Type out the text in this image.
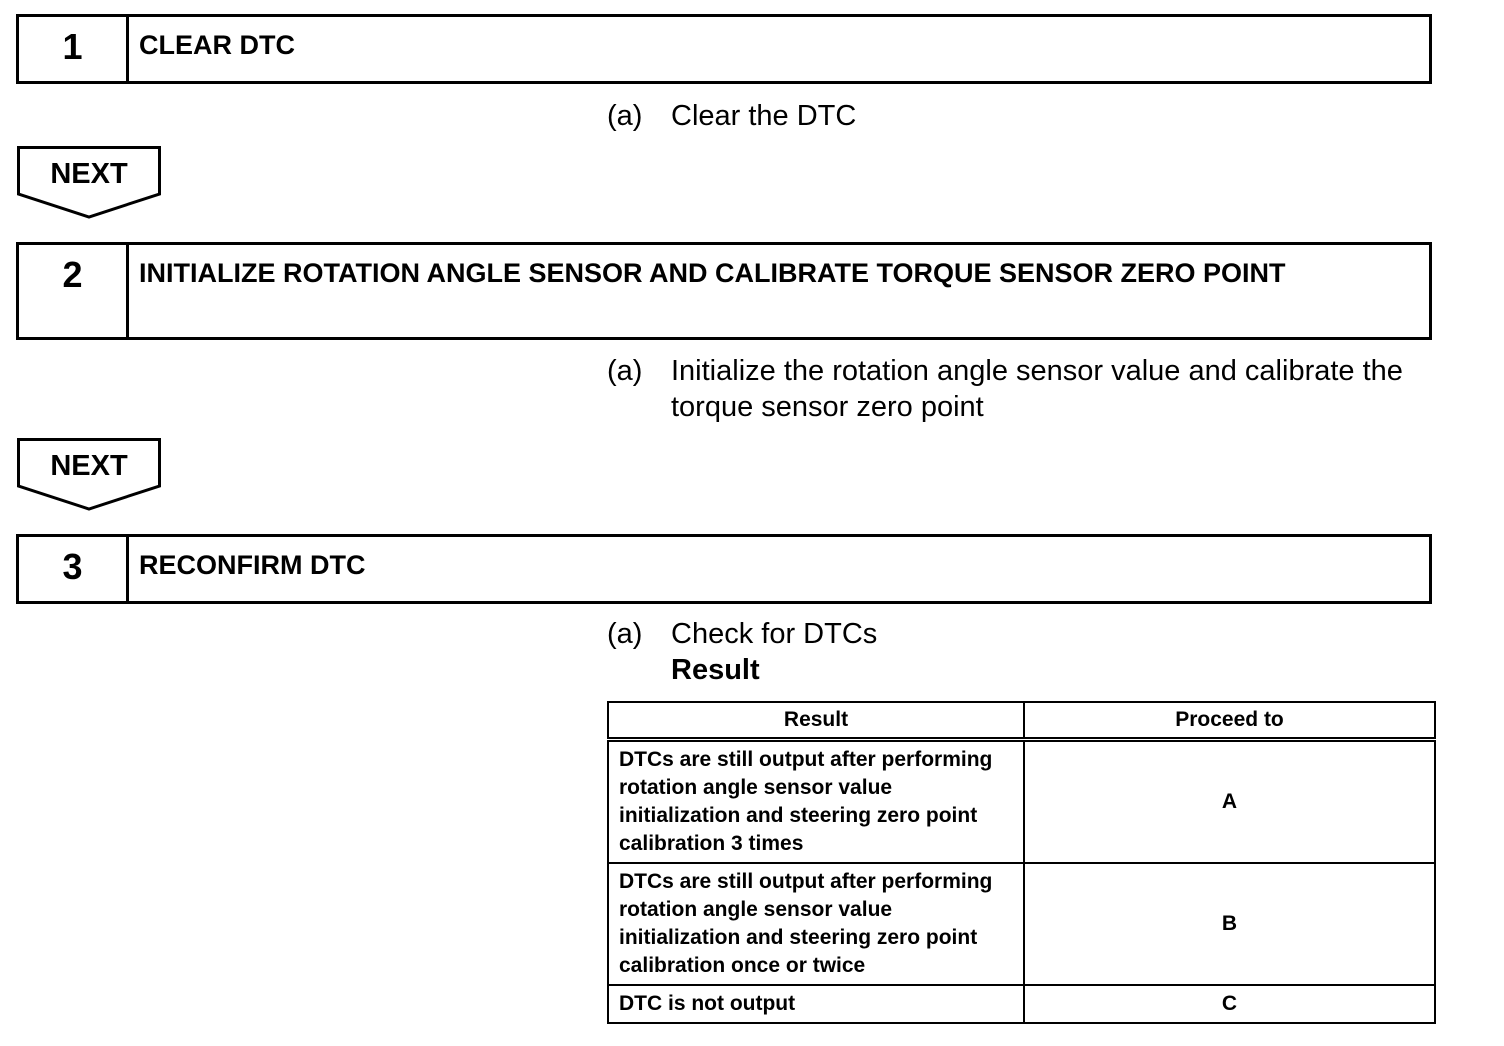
1	CLEAR DTC
(a) Clear the DTC
NEXT
2	INITIALIZE ROTATION ANGLE SENSOR AND CALIBRATE TORQUE SENSOR ZERO POINT
(a) Initialize the rotation angle sensor value and calibrate the torque sensor zero point
NEXT
3	RECONFIRM DTC
(a) Check for DTCs
Result
Result	Proceed to
DTCs are still output after performing rotation angle sensor value initialization and steering zero point calibration 3 times	A
DTCs are still output after performing rotation angle sensor value initialization and steering zero point calibration once or twice	B
DTC is not output	C
